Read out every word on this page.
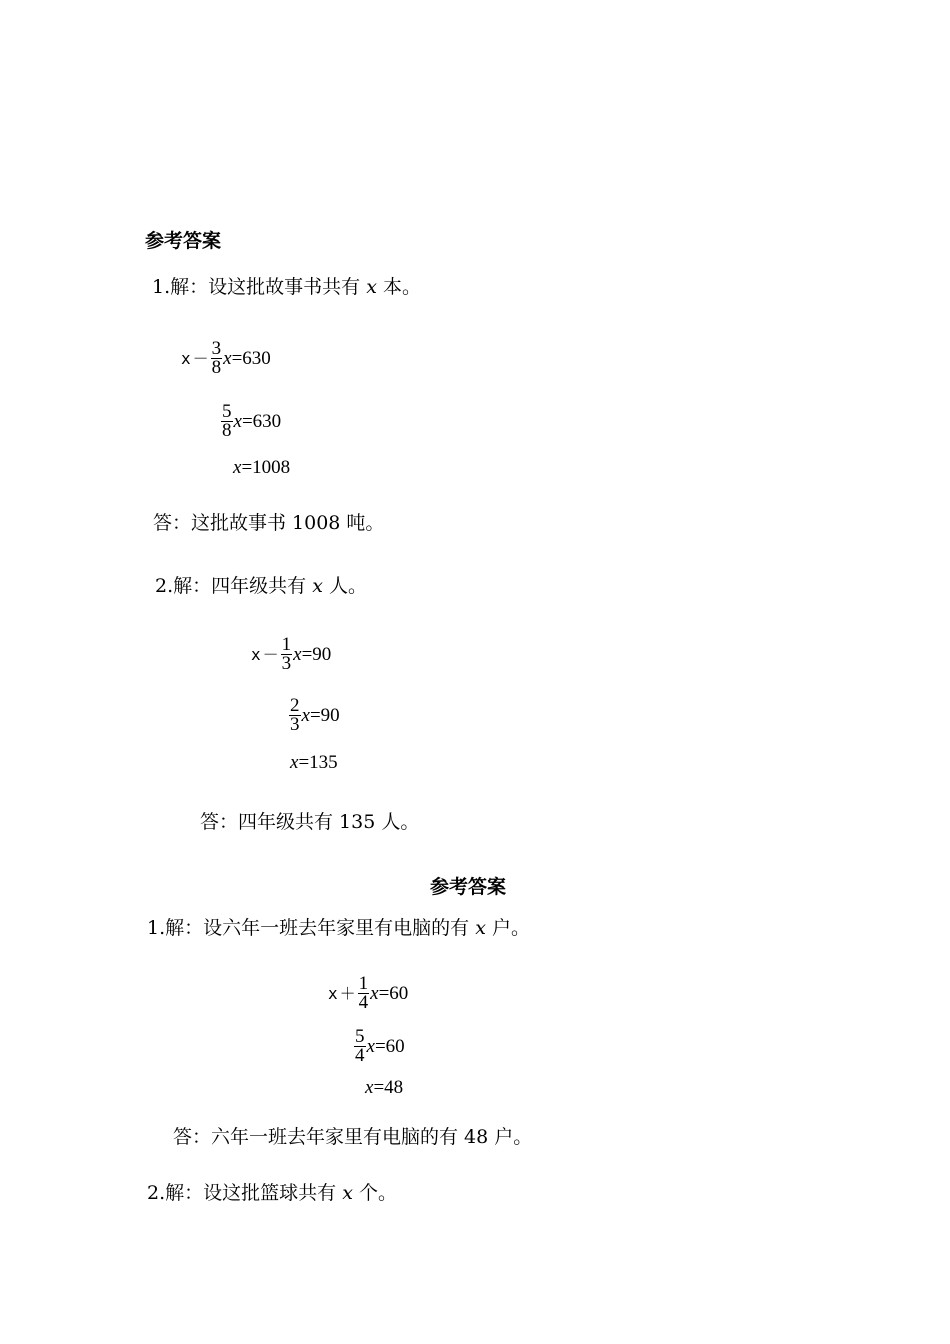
参考答案
1.解：设这批故事书共有 x 本。
$x - \frac{3}{8}$ x =630
$\frac{5}{8}$ x =630
x =1008
答：这批故事书 1008 吨。
2.解：四年级共有 x 人。
$x - \frac{1}{3}$ x =90
$\frac{2}{3}$ x =90
x =135
答：四年级共有 135 人。
参考答案
1.解：设六年一班去年家里有电脑的有 x 户。
$x + \frac{1}{4}$ x =60
$\frac{5}{4}$ x =60
x =48
答：六年一班去年家里有电脑的有 48 户。
2.解：设这批篮球共有 x 个。
